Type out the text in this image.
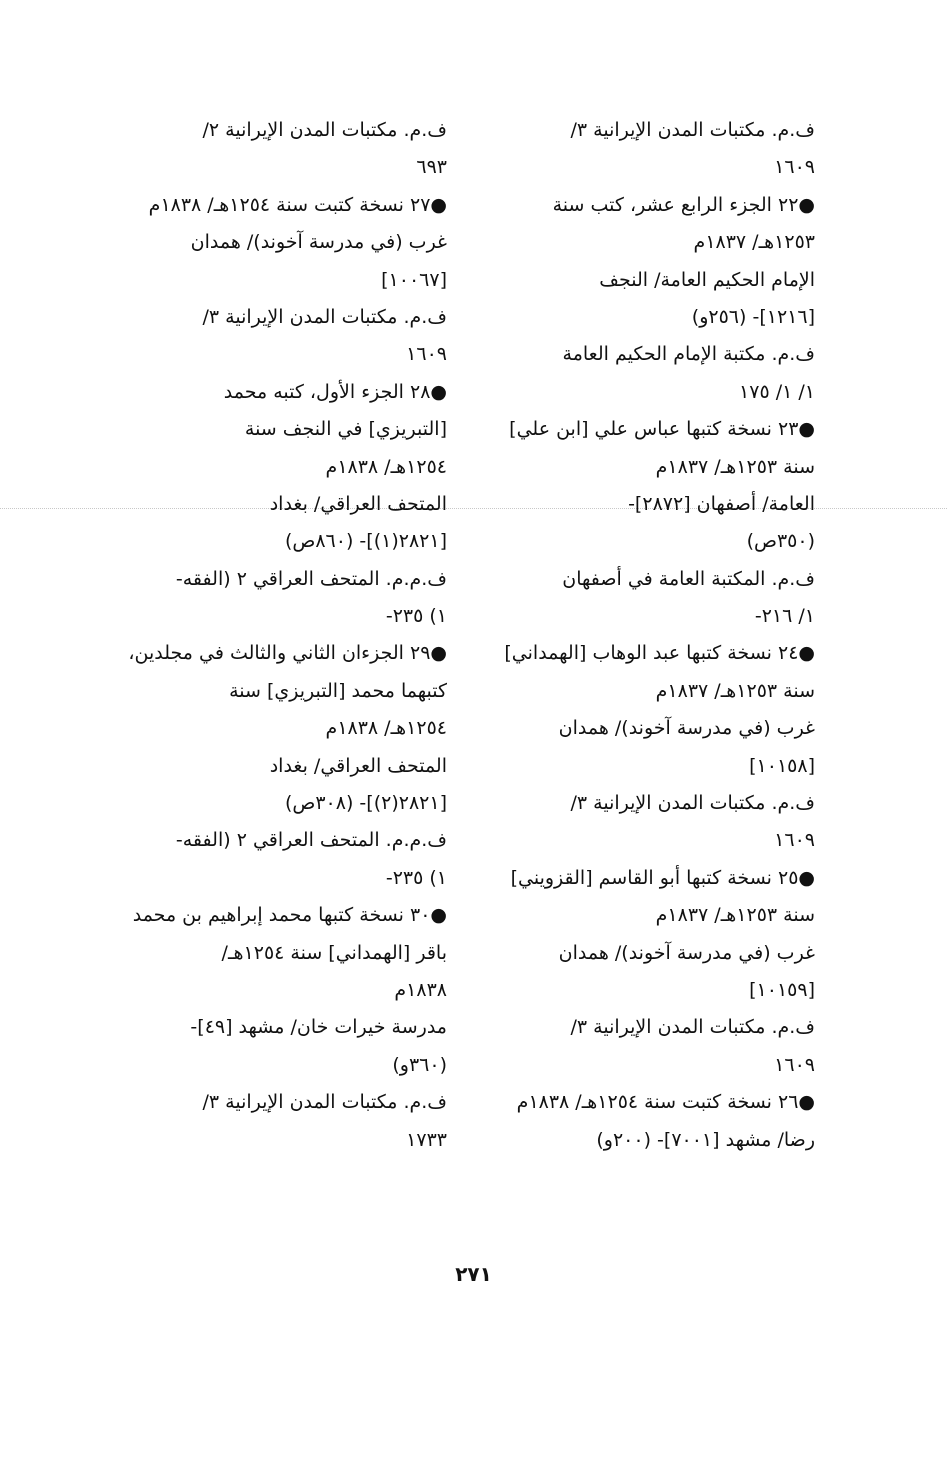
ف.م. مكتبات المدن الإيرانية ٣/
١٦٠٩
●٢٢ الجزء الرابع عشر، كتب سنة
١٢٥٣هـ/ ١٨٣٧م
الإمام الحكيم العامة/ النجف
[١٢١٦]- (٢٥٦و)
ف.م. مكتبة الإمام الحكيم العامة
١/ ١/ ١٧٥
●٢٣ نسخة كتبها عباس علي [ابن علي]
سنة ١٢٥٣هـ/ ١٨٣٧م
العامة/ أصفهان [٢٨٧٢]-
(٣٥٠ص)
ف.م. المكتبة العامة في أصفهان
١/ ٢١٦-
●٢٤ نسخة كتبها عبد الوهاب [الهمداني]
سنة ١٢٥٣هـ/ ١٨٣٧م
غرب (في مدرسة آخوند)/ همدان
[١٠١٥٨]
ف.م. مكتبات المدن الإيرانية ٣/
١٦٠٩
●٢٥ نسخة كتبها أبو القاسم [القزويني]
سنة ١٢٥٣هـ/ ١٨٣٧م
غرب (في مدرسة آخوند)/ همدان
[١٠١٥٩]
ف.م. مكتبات المدن الإيرانية ٣/
١٦٠٩
●٢٦ نسخة كتبت سنة ١٢٥٤هـ/ ١٨٣٨م
رضا/ مشهد [٧٠٠١]- (٢٠٠و)
ف.م. مكتبات المدن الإيرانية ٢/
٦٩٣
●٢٧ نسخة كتبت سنة ١٢٥٤هـ/ ١٨٣٨م
غرب (في مدرسة آخوند)/ همدان
[١٠٠٦٧]
ف.م. مكتبات المدن الإيرانية ٣/
١٦٠٩
●٢٨ الجزء الأول، كتبه محمد
[التبريزي] في النجف سنة
١٢٥٤هـ/ ١٨٣٨م
المتحف العراقي/ بغداد
[٢٨٢١(١)]- (٨٦٠ص)
ف.م.م. المتحف العراقي ٢ (الفقه-
١) ٢٣٥-
●٢٩ الجزءان الثاني والثالث في مجلدين،
كتبهما محمد [التبريزي] سنة
١٢٥٤هـ/ ١٨٣٨م
المتحف العراقي/ بغداد
[٢٨٢١(٢)]- (٣٠٨ص)
ف.م.م. المتحف العراقي ٢ (الفقه-
١) ٢٣٥-
●٣٠ نسخة كتبها محمد إبراهيم بن محمد
باقر [الهمداني] سنة ١٢٥٤هـ/
١٨٣٨م
مدرسة خيرات خان/ مشهد [٤٩]-
(٣٦٠و)
ف.م. مكتبات المدن الإيرانية ٣/
١٧٣٣
٢٧١
